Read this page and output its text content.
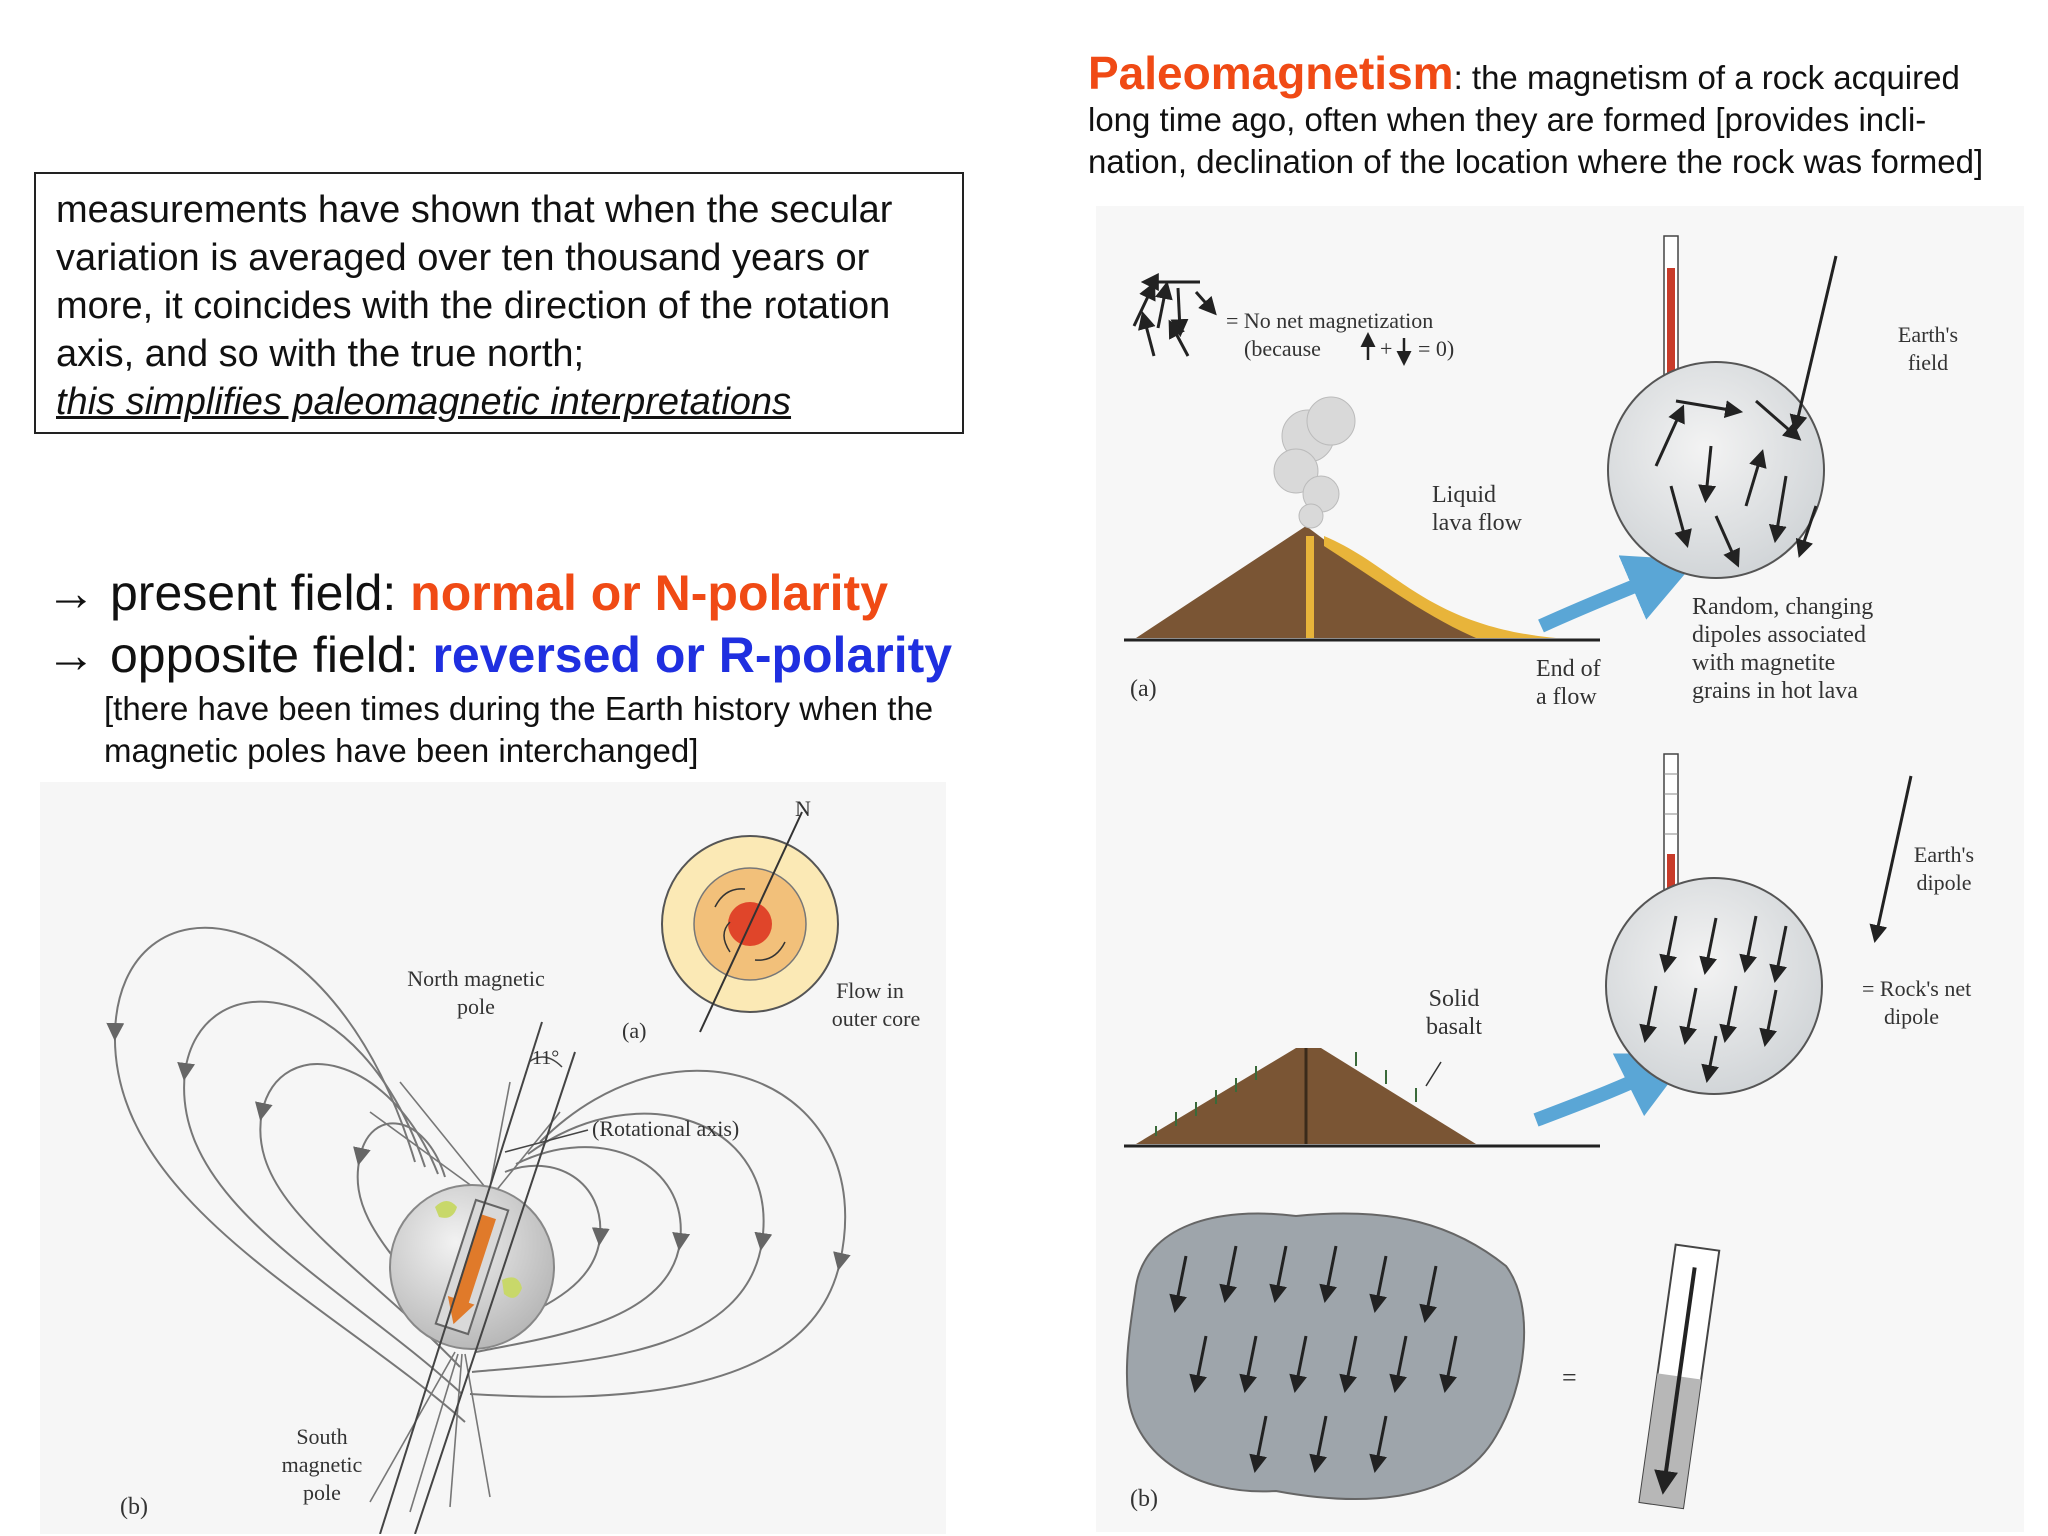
measurements have shown that when the secular
variation is averaged over ten thousand years or
more, it coincides with the direction of the rotation
axis, and so with the true north;
this simplifies paleomagnetic interpretations
→ present field: normal or N-polarity
→ opposite field: reversed or R-polarity
[there have been times during the Earth history when the
magnetic poles have been interchanged]
Paleomagnetism: the magnetism of a rock acquired
long time ago, often when they are formed [provides incli-
nation, declination of the location where the rock was formed]
N
(a)
Flow in
outer core
North magnetic
pole
11°
(Rotational axis)
South
magnetic
pole
(b)
= No net magnetization
(because	+ = 0)
Liquid
lava flow
End of
a flow
(a)
Earth's
field
Random, changing
dipoles associated
with magnetite
grains in hot lava
Solid
basalt
Earth's
dipole
= Rock's net
dipole
=
(b)
